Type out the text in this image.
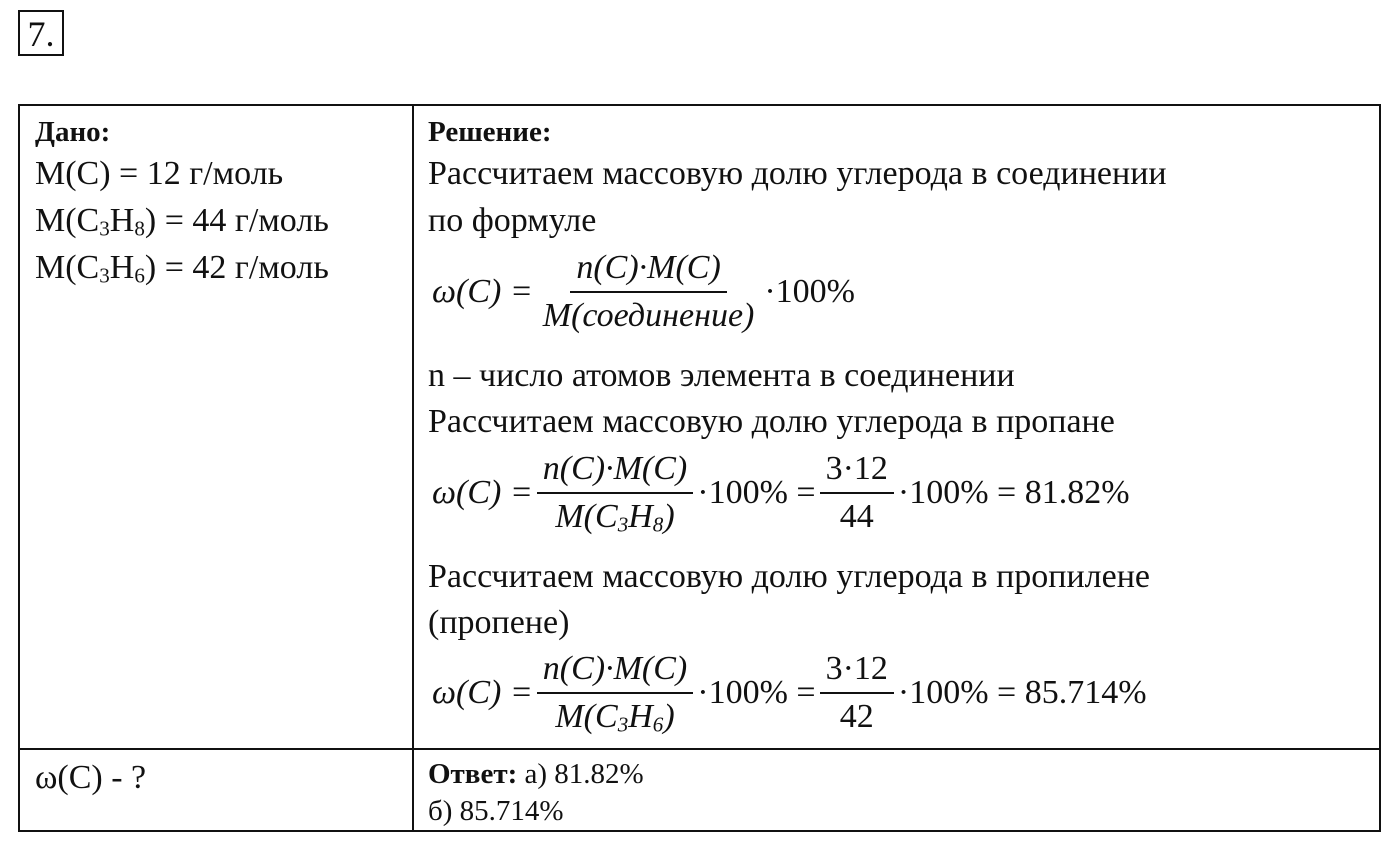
7.
Дано:
M(C) = 12 г/моль
$M(C_3H_8) = 44$ г/моль
$M(C_3H_6) = 42$ г/моль
ω(C) - ?
Решение:
Рассчитаем массовую долю углерода в соединении
по формуле
$\omega(C) = \frac{n(C)\cdot M(C)}{\text{M(соединение)}} \cdot 100\%$
n – число атомов элемента в соединении
Рассчитаем массовую долю углерода в пропане
$\omega(C) = \frac{n(C)\cdot M(C)}{M(C_3H_8)} \cdot 100\% = \frac{3\cdot 12}{44} \cdot 100\% = 81.82\%$
Рассчитаем массовую долю углерода в пропилене
(пропене)
$\omega(C) = \frac{n(C)\cdot M(C)}{M(C_3H_6)} \cdot 100\% = \frac{3\cdot 12}{42} \cdot 100\% = 85.714\%$
Ответ: а) 81.82%
б) 85.714%
